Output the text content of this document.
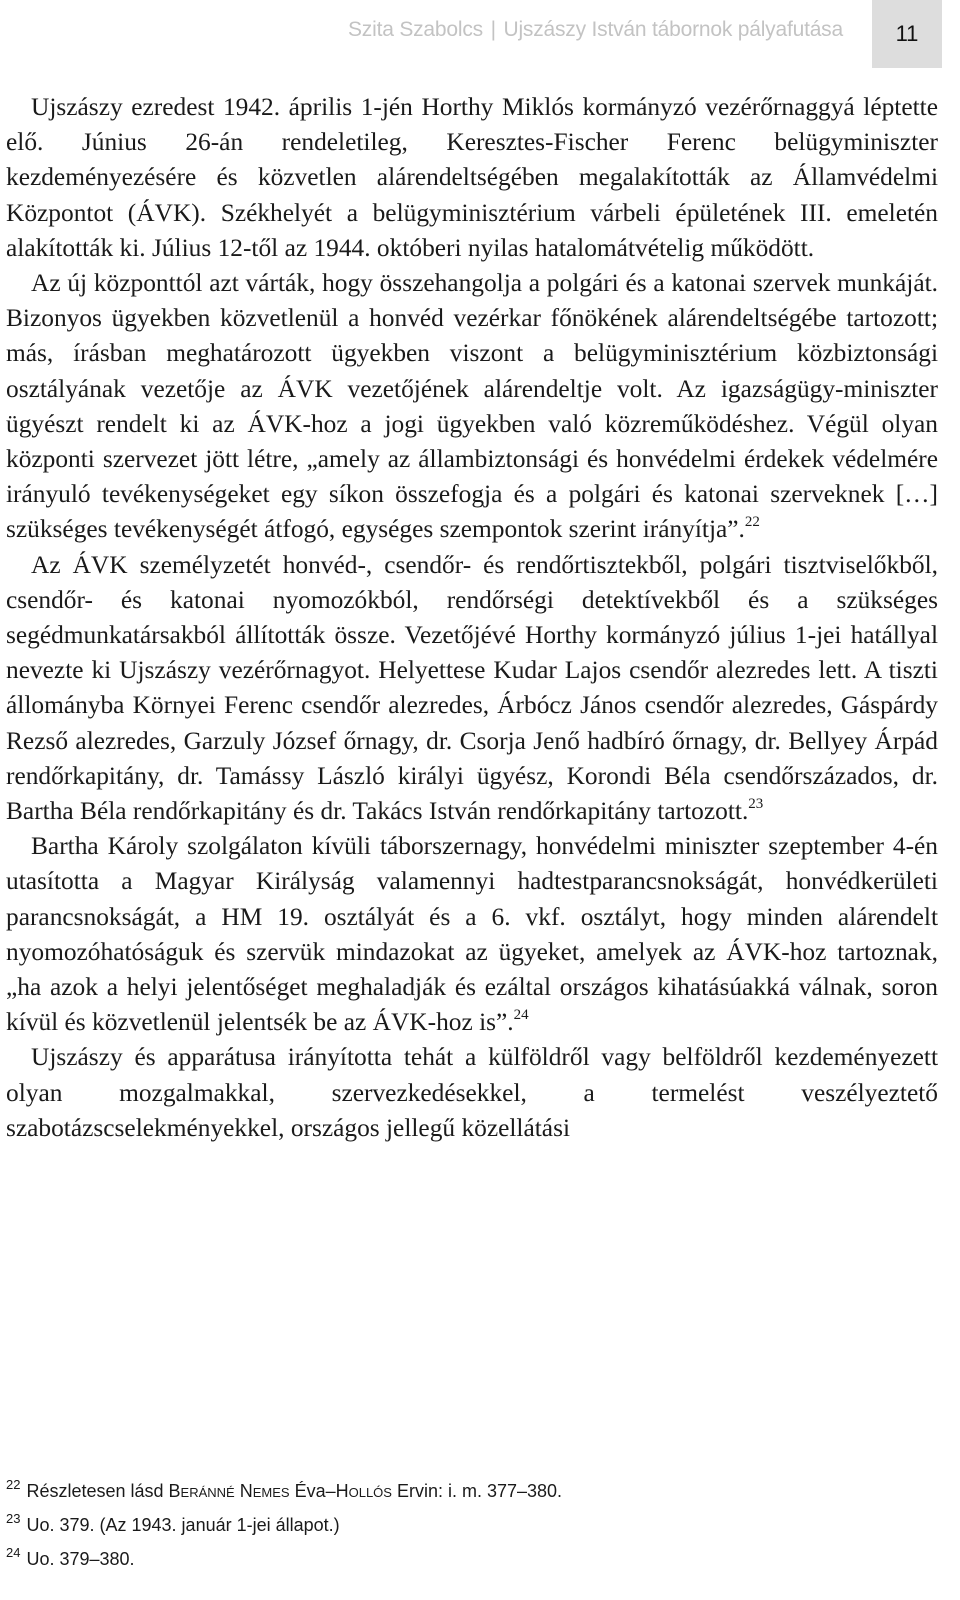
Szita Szabolcs | Ujszászy István tábornok pályafutása 11

Ujszászy ezredest 1942. április 1-jén Horthy Miklós kormányzó vezérőrnaggyá léptette elő. Június 26-án rendeletileg, Keresztes-Fischer Ferenc belügyminiszter kezdeményezésére és közvetlen alárendeltségében megalakították az Államvédelmi Központot (ÁVK). Székhelyét a belügyminisztérium várbeli épületének III. emeletén alakították ki. Július 12-től az 1944. októberi nyilas hatalomátvételig működött.

Az új központtól azt várták, hogy összehangolja a polgári és a katonai szervek munkáját. Bizonyos ügyekben közvetlenül a honvéd vezérkar főnökének alárendeltségébe tartozott; más, írásban meghatározott ügyekben viszont a belügyminisztérium közbiztonsági osztályának vezetője az ÁVK vezetőjének alárendeltje volt. Az igazságügy-miniszter ügyészt rendelt ki az ÁVK-hoz a jogi ügyekben való közreműködéshez. Végül olyan központi szervezet jött létre, „amely az állambiztonsági és honvédelmi érdekek védelmére irányuló tevékenységeket egy síkon összefogja és a polgári és katonai szerveknek […] szükséges tevékenységét átfogó, egységes szempontok szerint irányítja”.$^{22}$

Az ÁVK személyzetét honvéd-, csendőr- és rendőrtisztekből, polgári tisztviselőkből, csendőr- és katonai nyomozókból, rendőrségi detektívekből és a szükséges segédmunkatársakból állították össze. Vezetőjévé Horthy kormányzó július 1-jei hatállyal nevezte ki Ujszászy vezérőrnagyot. Helyettese Kudar Lajos csendőr alezredes lett. A tiszti állományba Környei Ferenc csendőr alezredes, Árbócz János csendőr alezredes, Gáspárdy Rezső alezredes, Garzuly József őrnagy, dr. Csorja Jenő hadbíró őrnagy, dr. Bellyey Árpád rendőrkapitány, dr. Tamássy László királyi ügyész, Korondi Béla csendőrszázados, dr. Bartha Béla rendőrkapitány és dr. Takács István rendőrkapitány tartozott.$^{23}$

Bartha Károly szolgálaton kívüli táborszernagy, honvédelmi miniszter szeptember 4-én utasította a Magyar Királyság valamennyi hadtestparancsnokságát, honvédkerületi parancsnokságát, a HM 19. osztályát és a 6. vkf. osztályt, hogy minden alárendelt nyomozóhatóságuk és szervük mindazokat az ügyeket, amelyek az ÁVK-hoz tartoznak, „ha azok a helyi jelentőséget meghaladják és ezáltal országos kihatásúakká válnak, soron kívül és közvetlenül jelentsék be az ÁVK-hoz is”.$^{24}$

Ujszászy és apparátusa irányította tehát a külföldről vagy belföldről kezdeményezett olyan mozgalmakkal, szervezkedésekkel, a termelést veszélyeztető szabotázscselekményekkel, országos jellegű közellátási

$^{22}$ Részletesen lásd Beránné Nemes Éva–Hollós Ervin: i. m. 377–380.
$^{23}$ Uo. 379. (Az 1943. január 1-jei állapot.)
$^{24}$ Uo. 379–380.
